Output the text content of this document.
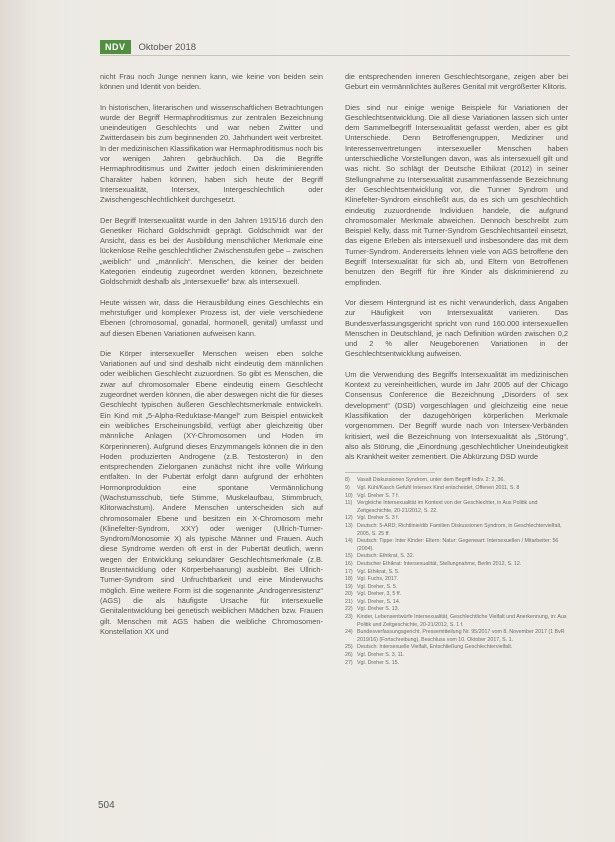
NDV	Oktober 2018

nicht Frau noch Junge nennen kann, wie keine von beiden sein können und Identit von beiden.

In historischen, literarischen und wissenschaftlichen Betrachtungen wurde der Begriff Hermaphroditismus zur zentralen Bezeichnung uneindeutigen Geschlechts und war neben Zwitter und Zwitterdasein bis zum beginnenden 20. Jahrhundert weit verbreitet. In der medizinischen Klassifikation war Hermaphroditismus noch bis vor wenigen Jahren gebräuchlich. Da die Begriffe Hermaphroditismus und Zwitter jedoch einen diskriminierenden Charakter haben können, haben sich heute der Begriff Intersexualität, Intersex, Intergeschlechtlich oder Zwischengeschlechtlichkeit durchgesetzt.

Der Begriff Intersexualität wurde in den Jahren 1915/16 durch den Genetiker Richard Goldschmidt geprägt. Goldschmidt war der Ansicht, dass es bei der Ausbildung menschlicher Merkmale eine lückenlose Reihe geschlechtlicher Zwischenstufen gebe – zwischen „weiblich“ und „männlich“. Menschen, die keiner der beiden Kategorien eindeutig zugeordnet werden können, bezeichnete Goldschmidt deshalb als „Intersexuelle“ bzw. als intersexuell.

Heute wissen wir, dass die Herausbildung eines Geschlechts ein mehrstufiger und komplexer Prozess ist, der viele verschiedene Ebenen (chromosomal, gonadal, hormonell, genital) umfasst und auf diesen Ebenen Variationen aufweisen kann.

Die Körper intersexueller Menschen weisen eben solche Variationen auf und sind deshalb nicht eindeutig dem männlichen oder weiblichen Geschlecht zuzuordnen. So gibt es Menschen, die zwar auf chromosomaler Ebene eindeutig einem Geschlecht zugeordnet werden können, die aber deswegen nicht die für dieses Geschlecht typischen äußeren Geschlechtsmerkmale entwickeln. Ein Kind mit „5-Alpha-Reduktase-Mangel“ zum Beispiel entwickelt ein weibliches Erscheinungsbild, verfügt aber gleichzeitig über männliche Anlagen (XY-Chromosomen und Hoden im Körperinneren). Aufgrund dieses Enzymmangels können die in den Hoden produzierten Androgene (z.B. Testosteron) in den entsprechenden Zielorganen zunächst nicht ihre volle Wirkung entfalten. In der Pubertät erfolgt dann aufgrund der erhöhten Hormonproduktion eine spontane Vermännlichung (Wachstumsschub, tiefe Stimme, Muskelaufbau, Stimmbruch, Klitorwachstum). Andere Menschen unterscheiden sich auf chromosomaler Ebene und besitzen ein X-Chromosom mehr (Klinefelter-Syndrom, XXY) oder weniger (Ullrich-Turner-Syndrom/Monosomie X) als typische Männer und Frauen. Auch diese Syndrome werden oft erst in der Pubertät deutlich, wenn wegen der Entwicklung sekundärer Geschlechtsmerkmale (z.B. Brustentwicklung oder Körperbehaarung) ausbleibt. Bei Ullrich-Turner-Syndrom sind Unfruchtbarkeit und eine Minderwuchs möglich. Eine weitere Form ist die sogenannte „Androgenresistenz“ (AGS) die als häufigste Ursache für intersexuelle Genitalentwicklung bei genetisch weiblichen Mädchen bzw. Frauen gilt. Menschen mit AGS haben die weibliche Chromosomen-Konstellation XX und

die entsprechenden inneren Geschlechtsorgane, zeigen aber bei Geburt ein vermännlichtes äußeres Genital mit vergrößerter Klitoris.

Dies sind nur einige wenige Beispiele für Variationen der Geschlechtsentwicklung. Die all diese Variationen lassen sich unter dem Sammelbegriff Intersexualität gefasst werden, aber es gibt Unterschiede. Denn Betroffenengruppen, Mediziner und Interessenvertretungen intersexueller Menschen haben unterschiedliche Vorstellungen davon, was als intersexuell gilt und was nicht. So schlägt der Deutsche Ethikrat (2012) in seiner Stellungnahme zu Intersexualität zusammenfassende Bezeichnung der Geschlechtsentwicklung vor, die Tunner Syndrom und Klinefelter-Syndrom einschließt aus, da es sich um geschlechtlich eindeutig zuzuordnende Individuen handele, die aufgrund chromosomaler Merkmale abweichen. Dennoch beschreibt zum Beispiel Kelly, dass mit Turner-Syndrom Geschlechtsanteil einsetzt, das eigene Erleben als intersexuell und insbesondere das mit dem Turner-Syndrom. Andererseits lehnen viele von AGS betroffene den Begriff Intersexualität für sich ab, und Eltern von Betroffenen benutzen den Begriff für ihre Kinder als diskriminierend zu empfinden.

Vor diesem Hintergrund ist es nicht verwunderlich, dass Angaben zur Häufigkeit von Intersexualität variieren. Das Bundesverfassungsgericht spricht von rund 160.000 intersexuellen Menschen in Deutschland, je nach Definition würden zwischen 0,2 und 2 % aller Neugeborenen Variationen in der Geschlechtsentwicklung aufweisen.

Um die Verwendung des Begriffs Intersexualität im medizinischen Kontext zu vereinheitlichen, wurde im Jahr 2005 auf der Chicago Consensus Conference die Bezeichnung „Disorders of sex development“ (DSD) vorgeschlagen und gleichzeitig eine neue Klassifikation der dazugehörigen körperlichen Merkmale vorgenommen. Der Begriff wurde nach von Intersex-Verbänden kritisiert, weil die Bezeichnung von Intersexualität als „Störung“, also als Störung, die „Einordnung ‚geschlechtlicher Uneindeutigkeit als Krankheit weiter zementiert. Die Abkürzung DSD wurde

8)	Vasalt Diskussionen Syndrom, unter dem Begriff Indiv. 2: 2, 36.
9)	Vgl. Kühl/Kasch Gefuhl Intersex Kind entscheidet, Offenen 2011, S. 8
10) Vgl. Dreher S. 7 f.
11) Vergleiche Intersexualität im Kontext von der Geschlechter, in Aus Politik und Zeitgeschichte, 20-21/2012, S. 22.
12) Vgl. Dreher S. 3 f.
13) Deutsch: 5-ARD; Richtlinie/dib Familien Diskussionen Syndrom, in Geschlechtervielfalt, 2005, S. 25 ff.
14) Deutsch: Tippe: Inter Kinder: Eltern: Natur: Gegenwart: Intersexuellen / Mitarbeiter: 56 (2004).
15) Deutsch: Ethikrat, S. 32.
16) Deutscher Ethikrat: Intersexualität, Stellungnahme, Berlin 2012, S. 12.
17) Vgl. Ethikrat, S. 5.
18) Vgl. Fuchs, 2017.
19) Vgl. Dreher, S. 5.
20) Vgl. Dreher, 3, 5 ff.
21) Vgl. Dreher, S. 14.
22) Vgl. Dreher S. 13.
23) Kinder, Lebensentwürfe Intersexualität, Geschlechtliche Vielfalt und Anerkennung, in: Aus Politik und Zeitgeschichte, 20-21/2012, S. 1 f.
24) Bundesverfassungsgericht, Pressemitteilung Nr. 95/2017 vom 8. November 2017 (1 BvR 2019/16) (Fortschreibung), Beschluss vom 10. Oktober 2017, S. 1.
25) Deutsch: Intersexuelle Vielfalt, Entschließung Geschlechtervielfalt.
26) Vgl. Dreher S. 3, 11.
27) Vgl. Dreher S. 15.
504
